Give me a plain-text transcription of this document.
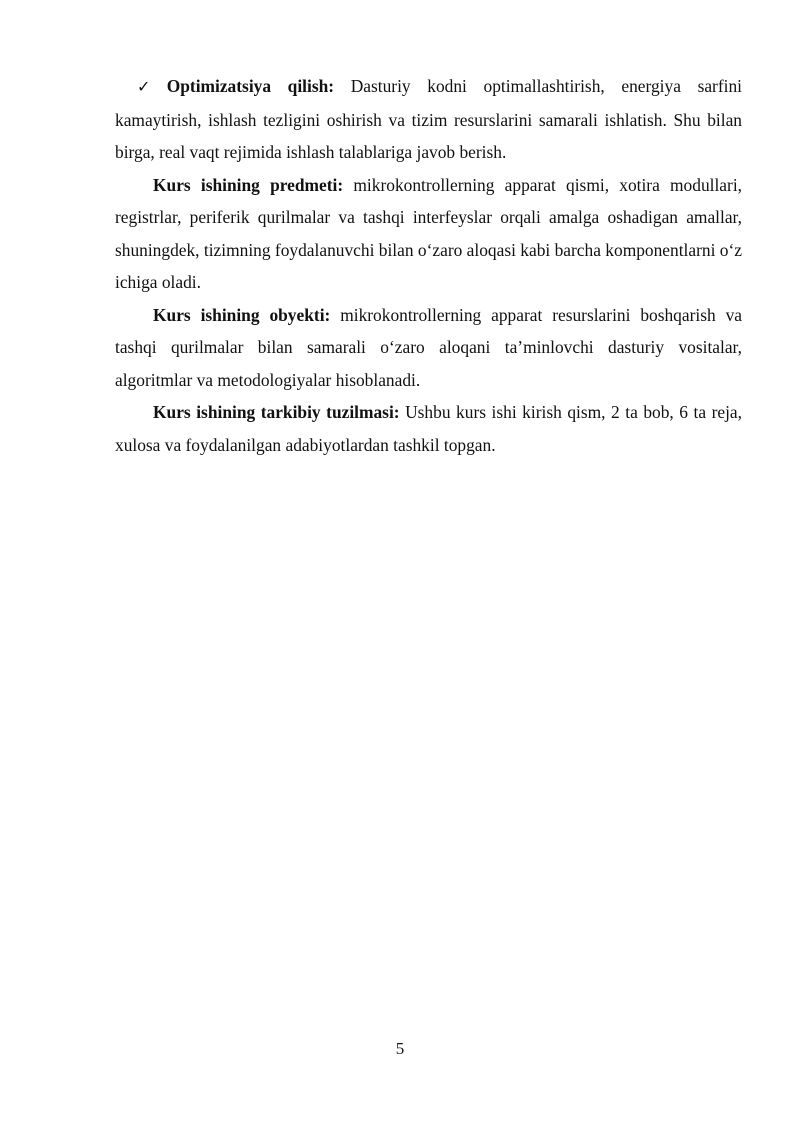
✓ Optimizatsiya qilish: Dasturiy kodni optimallashtirish, energiya sarfini kamaytirish, ishlash tezligini oshirish va tizim resurslarini samarali ishlatish. Shu bilan birga, real vaqt rejimida ishlash talablariga javob berish.

Kurs ishining predmeti: mikrokontrollerning apparat qismi, xotira modullari, registrlar, periferik qurilmalar va tashqi interfeyslar orqali amalga oshadigan amallar, shuningdek, tizimning foydalanuvchi bilan o‘zaro aloqasi kabi barcha komponentlarni o‘z ichiga oladi.

Kurs ishining obyekti: mikrokontrollerning apparat resurslarini boshqarish va tashqi qurilmalar bilan samarali o‘zaro aloqani ta’minlovchi dasturiy vositalar, algoritmlar va metodologiyalar hisoblanadi.

Kurs ishining tarkibiy tuzilmasi: Ushbu kurs ishi kirish qism, 2 ta bob, 6 ta reja, xulosa va foydalanilgan adabiyotlardan tashkil topgan.

5
